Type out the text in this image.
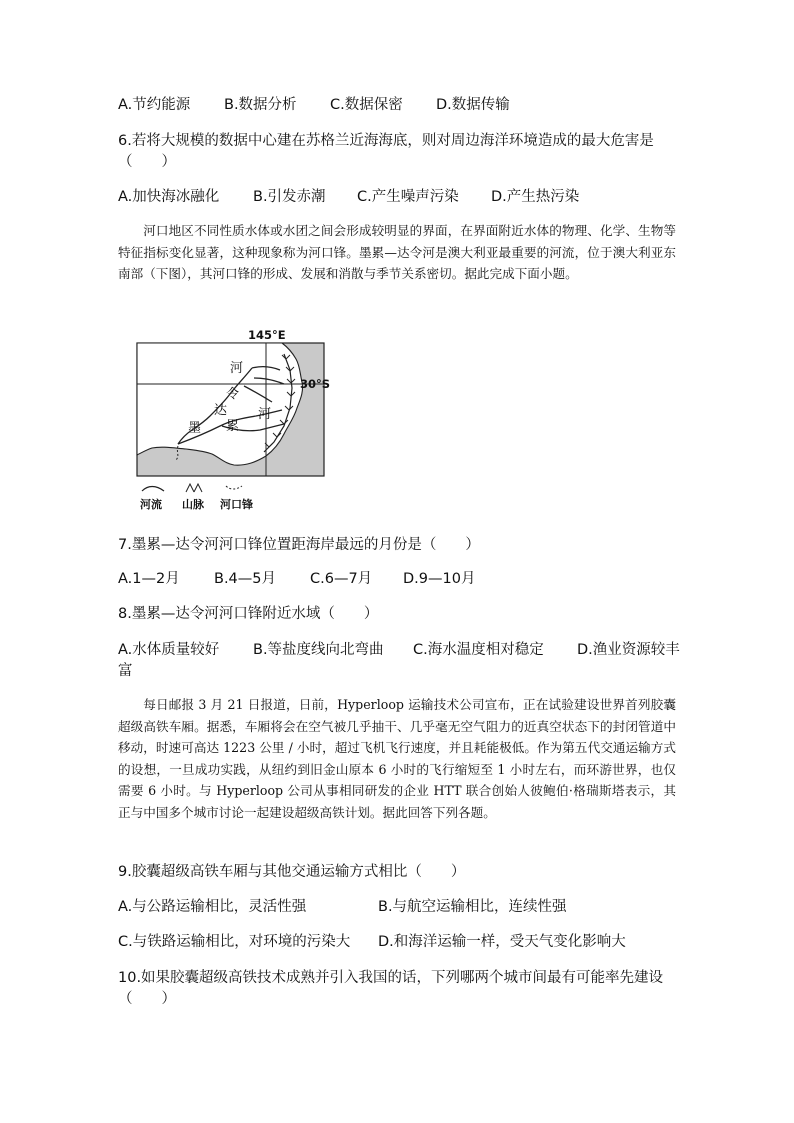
A.节约能源 B.数据分析 C.数据保密 D.数据传输
6.若将大规模的数据中心建在苏格兰近海海底，则对周边海洋环境造成的最大危害是
（　　）
A.加快海冰融化 B.引发赤潮 C.产生噪声污染 D.产生热污染
河口地区不同性质水体或水团之间会形成较明显的界面，在界面附近水体的物理、化学、生物等特征指标变化显著，这种现象称为河口锋。墨累—达令河是澳大利亚最重要的河流，位于澳大利亚东南部（下图），其河口锋的形成、发展和消散与季节关系密切。据此完成下面小题。
145°E
30°S
河
令
达 河
墨 累
河流 山脉 河口锋
7.墨累—达令河河口锋位置距海岸最远的月份是（　　）
A.1—2月 B.4—5月 C.6—7月 D.9—10月
8.墨累—达令河河口锋附近水域（　　）
A.水体质量较好 B.等盐度线向北弯曲 C.海水温度相对稳定 D.渔业资源较丰
富
每日邮报 3 月 21 日报道，日前，Hyperloop 运输技术公司宣布，正在试验建设世界首列胶囊超级高铁车厢。据悉，车厢将会在空气被几乎抽干、几乎毫无空气阻力的近真空状态下的封闭管道中移动，时速可高达 1223 公里 / 小时，超过飞机飞行速度，并且耗能极低。作为第五代交通运输方式的设想，一旦成功实践，从纽约到旧金山原本 6 小时的飞行缩短至 1 小时左右，而环游世界，也仅需要 6 小时。与 Hyperloop 公司从事相同研发的企业 HTT 联合创始人彼鲍伯·格瑞斯塔表示，其正与中国多个城市讨论一起建设超级高铁计划。据此回答下列各题。
9.胶囊超级高铁车厢与其他交通运输方式相比（　　）
A.与公路运输相比，灵活性强	B.与航空运输相比，连续性强
C.与铁路运输相比，对环境的污染大 D.和海洋运输一样，受天气变化影响大
10.如果胶囊超级高铁技术成熟并引入我国的话，下列哪两个城市间最有可能率先建设
（　　）
